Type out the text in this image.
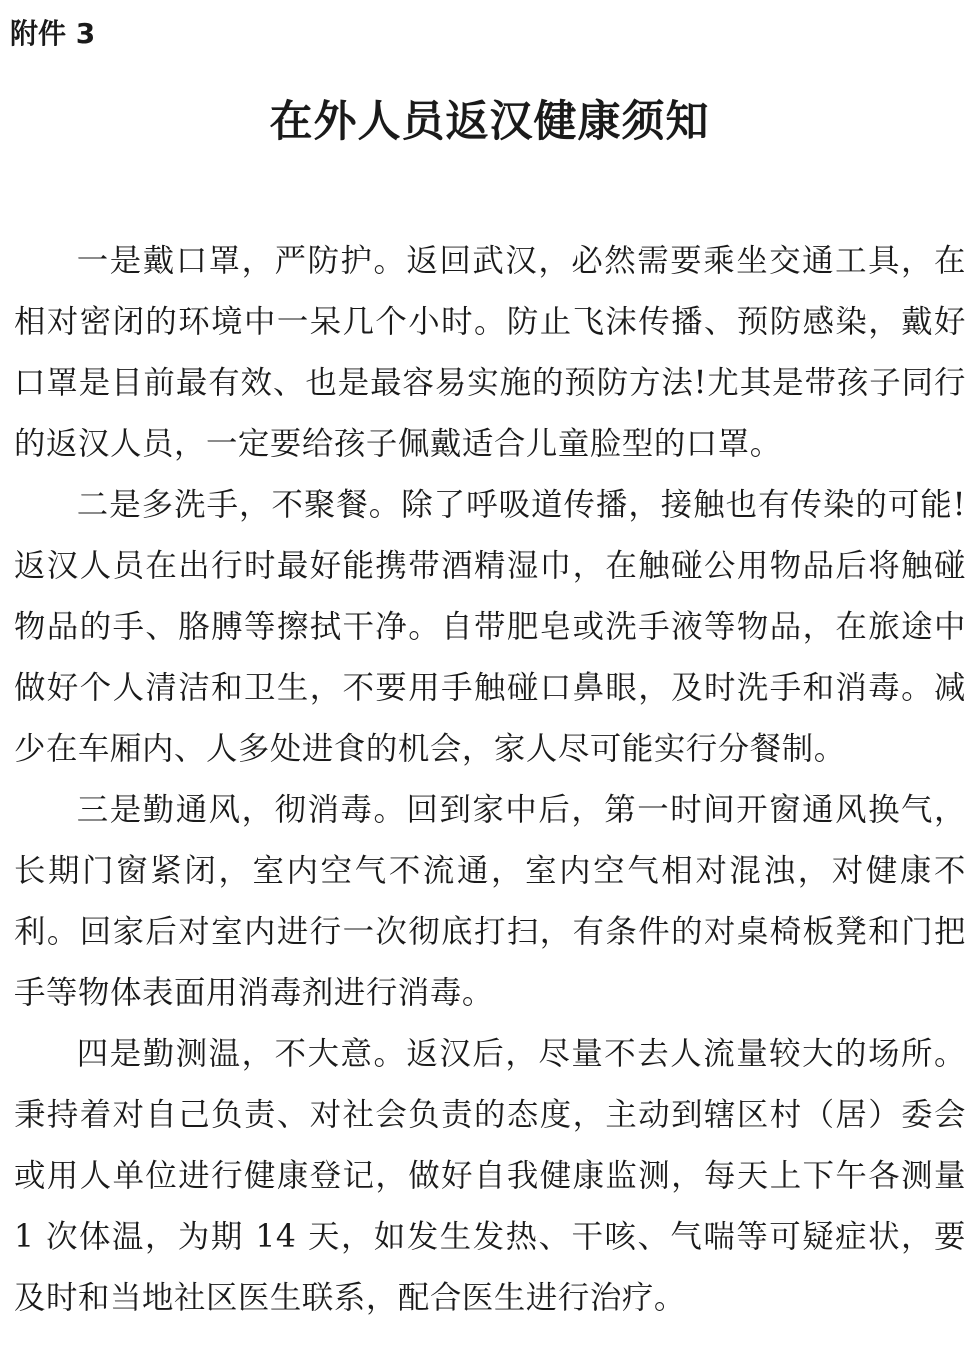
附件 3
在外人员返汉健康须知

一是戴口罩，严防护。返回武汉，必然需要乘坐交通工具，在相对密闭的环境中一呆几个小时。防止飞沫传播、预防感染，戴好口罩是目前最有效、也是最容易实施的预防方法!尤其是带孩子同行的返汉人员，一定要给孩子佩戴适合儿童脸型的口罩。

二是多洗手，不聚餐。除了呼吸道传播，接触也有传染的可能!返汉人员在出行时最好能携带酒精湿巾，在触碰公用物品后将触碰物品的手、胳膊等擦拭干净。自带肥皂或洗手液等物品，在旅途中做好个人清洁和卫生，不要用手触碰口鼻眼，及时洗手和消毒。减少在车厢内、人多处进食的机会，家人尽可能实行分餐制。

三是勤通风，彻消毒。回到家中后，第一时间开窗通风换气，长期门窗紧闭，室内空气不流通，室内空气相对混浊，对健康不利。回家后对室内进行一次彻底打扫，有条件的对桌椅板凳和门把手等物体表面用消毒剂进行消毒。

四是勤测温，不大意。返汉后，尽量不去人流量较大的场所。秉持着对自己负责、对社会负责的态度，主动到辖区村（居）委会或用人单位进行健康登记，做好自我健康监测，每天上下午各测量 1 次体温，为期 14 天，如发生发热、干咳、气喘等可疑症状，要及时和当地社区医生联系，配合医生进行治疗。
